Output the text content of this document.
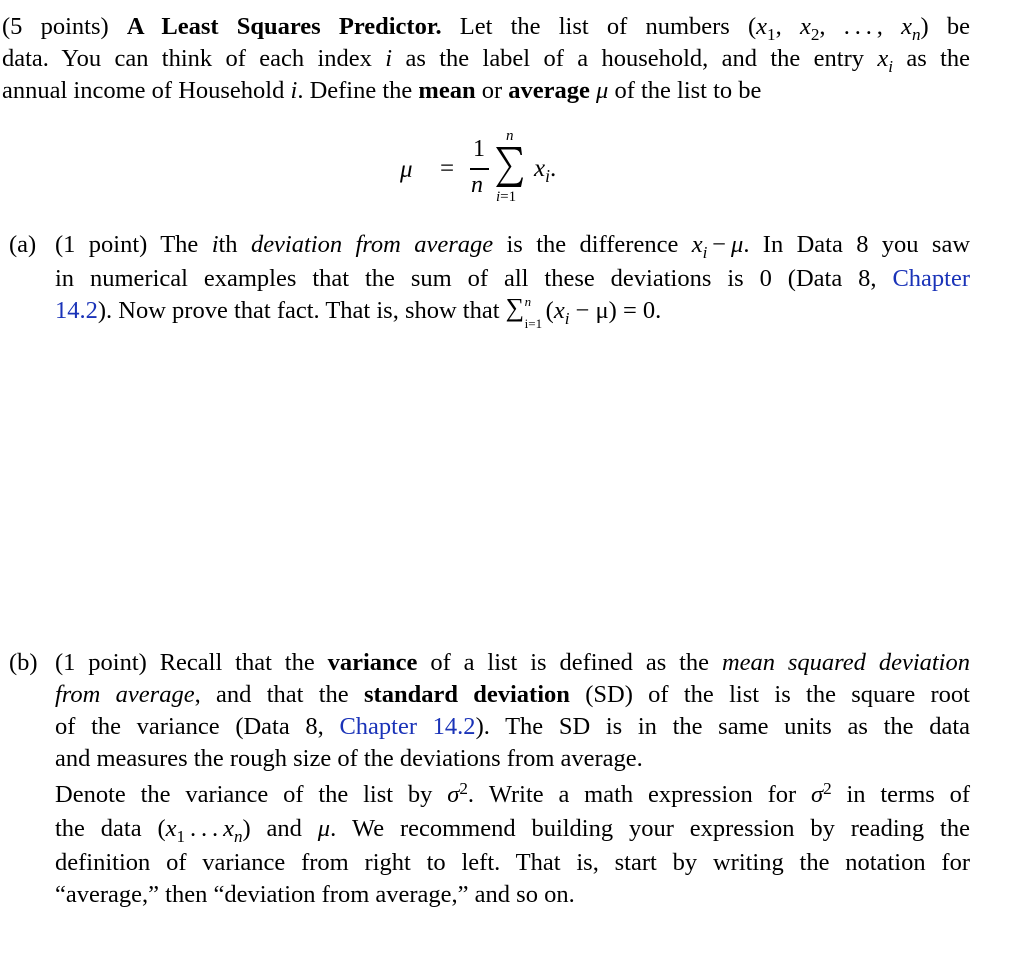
(5 points) A Least Squares Predictor. Let the list of numbers ($x_1$, $x_2$, . . . , $x_n$) be
data. You can think of each index i as the label of a household, and the entry $x_i$ as the
annual income of Household i. Define the mean or average μ of the list to be
μ =
1
n
n
i=1
$x_i$.
(a) (1 point) The ith deviation from average is the difference $x_i - \mu$. In Data 8 you saw
in numerical examples that the sum of all these deviations is 0 (Data 8, Chapter
14.2). Now prove that fact. That is, show that ∑ n
i=1 $(x_i - \mu) = 0$.
(b) (1 point) Recall that the variance of a list is defined as the mean squared deviation
from average, and that the standard deviation (SD) of the list is the square root
of the variance (Data 8, Chapter 14.2). The SD is in the same units as the data
and measures the rough size of the deviations from average.
Denote the variance of the list by $\sigma^2$. Write a math expression for $\sigma^2$ in terms of
the data ($x_1$ . . . $x_n$) and μ. We recommend building your expression by reading the
definition of variance from right to left. That is, start by writing the notation for
“average,” then “deviation from average,” and so on.
